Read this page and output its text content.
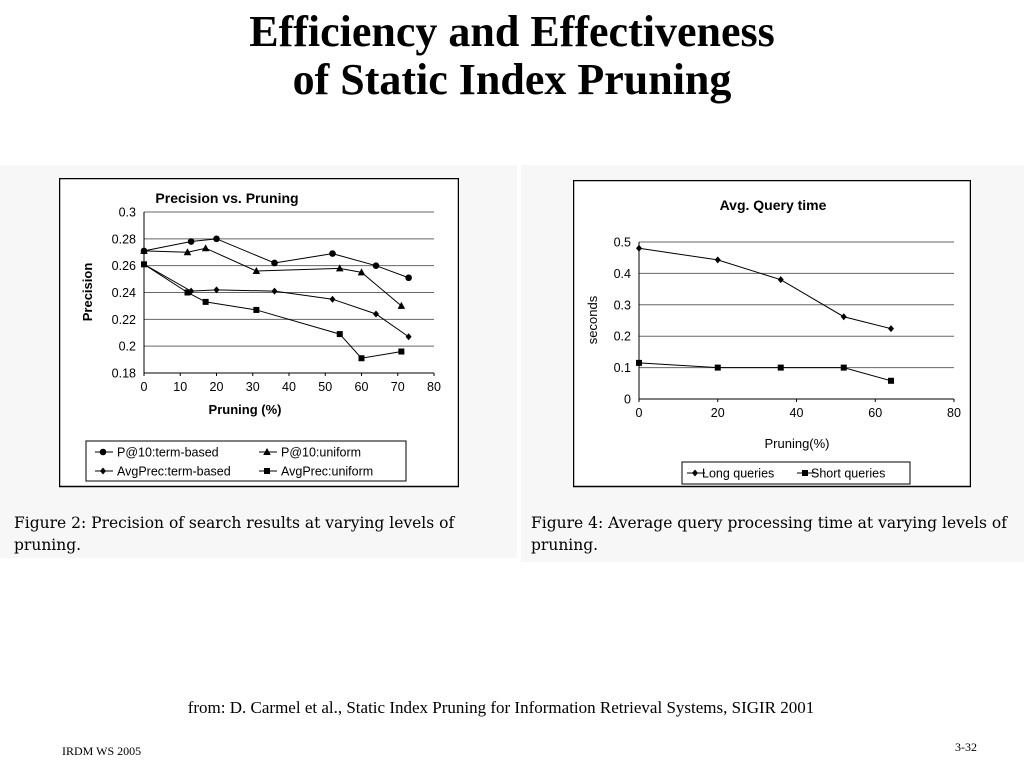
Efficiency and Effectiveness
of Static Index Pruning
Precision vs. Pruning
0.18
0.2
0.22
0.24
0.26
0.28
0.3
0 10 20 30 40 50 60 70 80
Precision
Pruning (%)
P@10:term-based	P@10:uniform
AvgPrec:term-based	AvgPrec:uniform
Avg. Query time
0
0.1
0.2
0.3
0.4
0.5
0	20	40	60	80
seconds
Pruning(%)
Long queries	Short queries
Figure 2: Precision of search results at varying levels of pruning.
Figure 4: Average query processing time at varying levels of pruning.
from: D. Carmel et al., Static Index Pruning for Information Retrieval Systems, SIGIR 2001
IRDM WS 2005	3-32
